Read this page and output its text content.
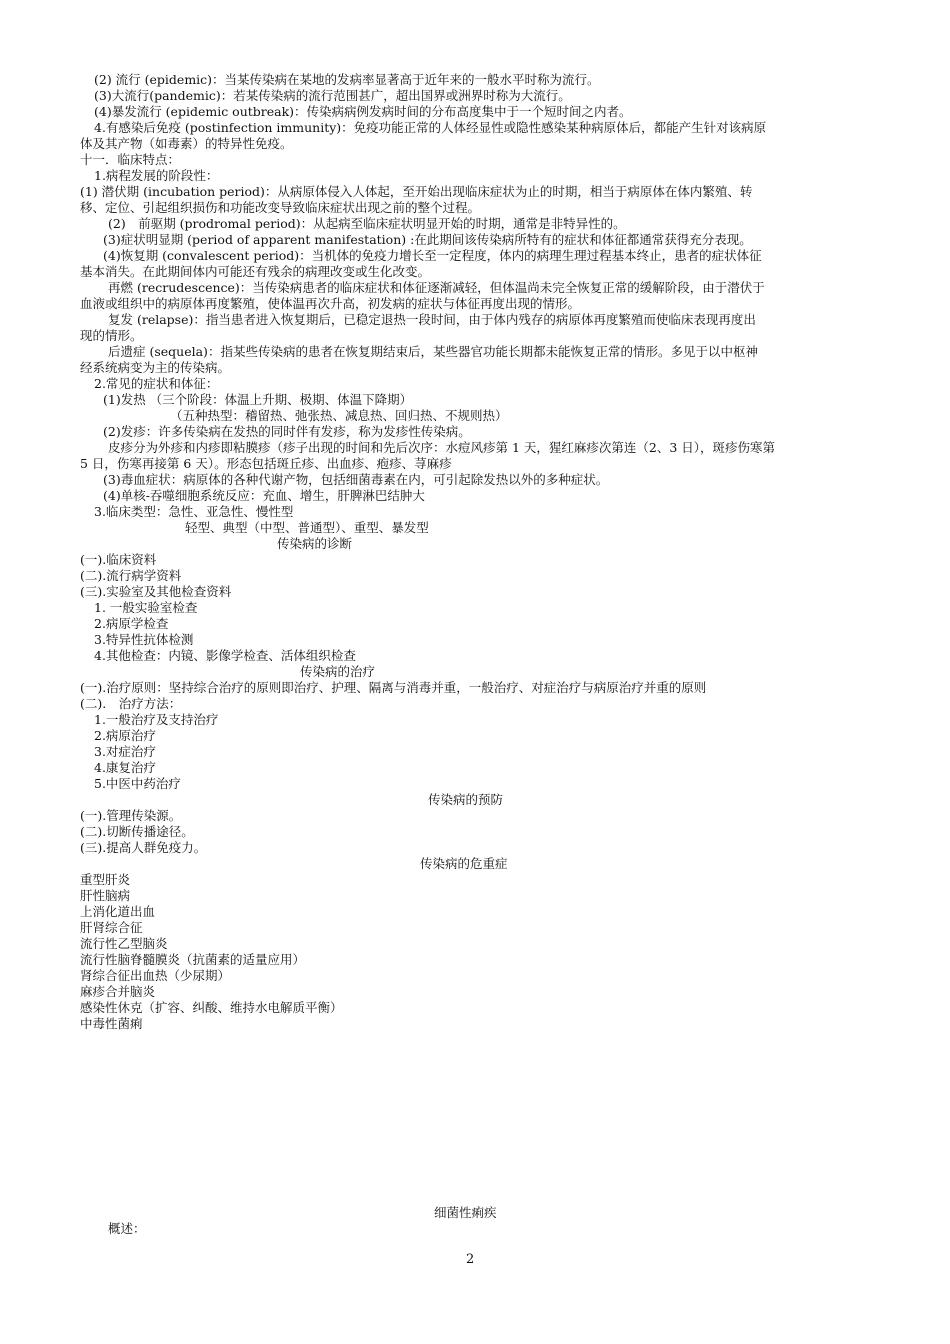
(2) 流行 (epidemic)：当某传染病在某地的发病率显著高于近年来的一般水平时称为流行。
(3)大流行(pandemic)：若某传染病的流行范围甚广，超出国界或洲界时称为大流行。
(4)暴发流行 (epidemic outbreak)：传染病病例发病时间的分布高度集中于一个短时间之内者。
4.有感染后免疫 (postinfection immunity)：免疫功能正常的人体经显性或隐性感染某种病原体后，都能产生针对该病原
体及其产物（如毒素）的特异性免疫。
十一．临床特点：
1.病程发展的阶段性：
(1) 潜伏期 (incubation period)：从病原体侵入人体起，至开始出现临床症状为止的时期，相当于病原体在体内繁殖、转
移、定位、引起组织损伤和功能改变导致临床症状出现之前的整个过程。
(2)　前驱期 (prodromal period)：从起病至临床症状明显开始的时期，通常是非特异性的。
(3)症状明显期 (period of apparent manifestation) :在此期间该传染病所特有的症状和体征都通常获得充分表现。
(4)恢复期 (convalescent period)：当机体的免疫力增长至一定程度，体内的病理生理过程基本终止，患者的症状体征
基本消失。在此期间体内可能还有残余的病理改变或生化改变。
再燃 (recrudescence)：当传染病患者的临床症状和体征逐渐减轻，但体温尚未完全恢复正常的缓解阶段，由于潜伏于
血液或组织中的病原体再度繁殖，使体温再次升高，初发病的症状与体征再度出现的情形。
复发 (relapse)：指当患者进入恢复期后，已稳定退热一段时间，由于体内残存的病原体再度繁殖而使临床表现再度出
现的情形。
后遗症 (sequela)：指某些传染病的患者在恢复期结束后，某些器官功能长期都未能恢复正常的情形。多见于以中枢神
经系统病变为主的传染病。
2.常见的症状和体征：
(1)发热 （三个阶段：体温上升期、极期、体温下降期）
（五种热型：稽留热、弛张热、减息热、回归热、不规则热）
(2)发疹：许多传染病在发热的同时伴有发疹，称为发疹性传染病。
皮疹分为外疹和内疹即粘膜疹（疹子出现的时间和先后次序：水痘风疹第 1 天，猩红麻疹次第连（2、3 日），斑疹伤寒第
5 日，伤寒再接第 6 天）。形态包括斑丘疹、出血疹、疱疹、荨麻疹
(3)毒血症状：病原体的各种代谢产物，包括细菌毒素在内，可引起除发热以外的多种症状。
(4)单核-吞噬细胞系统反应：充血、增生，肝脾淋巴结肿大
3.临床类型：急性、亚急性、慢性型
轻型、典型（中型、普通型）、重型、暴发型
传染病的诊断
(一).临床资料
(二).流行病学资料
(三).实验室及其他检查资料
1. 一般实验室检查
2.病原学检查
3.特异性抗体检测
4.其他检查：内镜、影像学检查、活体组织检查
传染病的治疗
(一).治疗原则：坚持综合治疗的原则即治疗、护理、隔离与消毒并重，一般治疗、对症治疗与病原治疗并重的原则
(二).　治疗方法：
1.一般治疗及支持治疗
2.病原治疗
3.对症治疗
4.康复治疗
5.中医中药治疗
传染病的预防
(一).管理传染源。
(二).切断传播途径。
(三).提高人群免疫力。
传染病的危重症
重型肝炎
肝性脑病
上消化道出血
肝肾综合征
流行性乙型脑炎
流行性脑脊髓膜炎（抗菌素的适量应用）
肾综合征出血热（少尿期）
麻疹合并脑炎
感染性休克（扩容、纠酸、维持水电解质平衡）
中毒性菌痢
细菌性痢疾
概述：
2
